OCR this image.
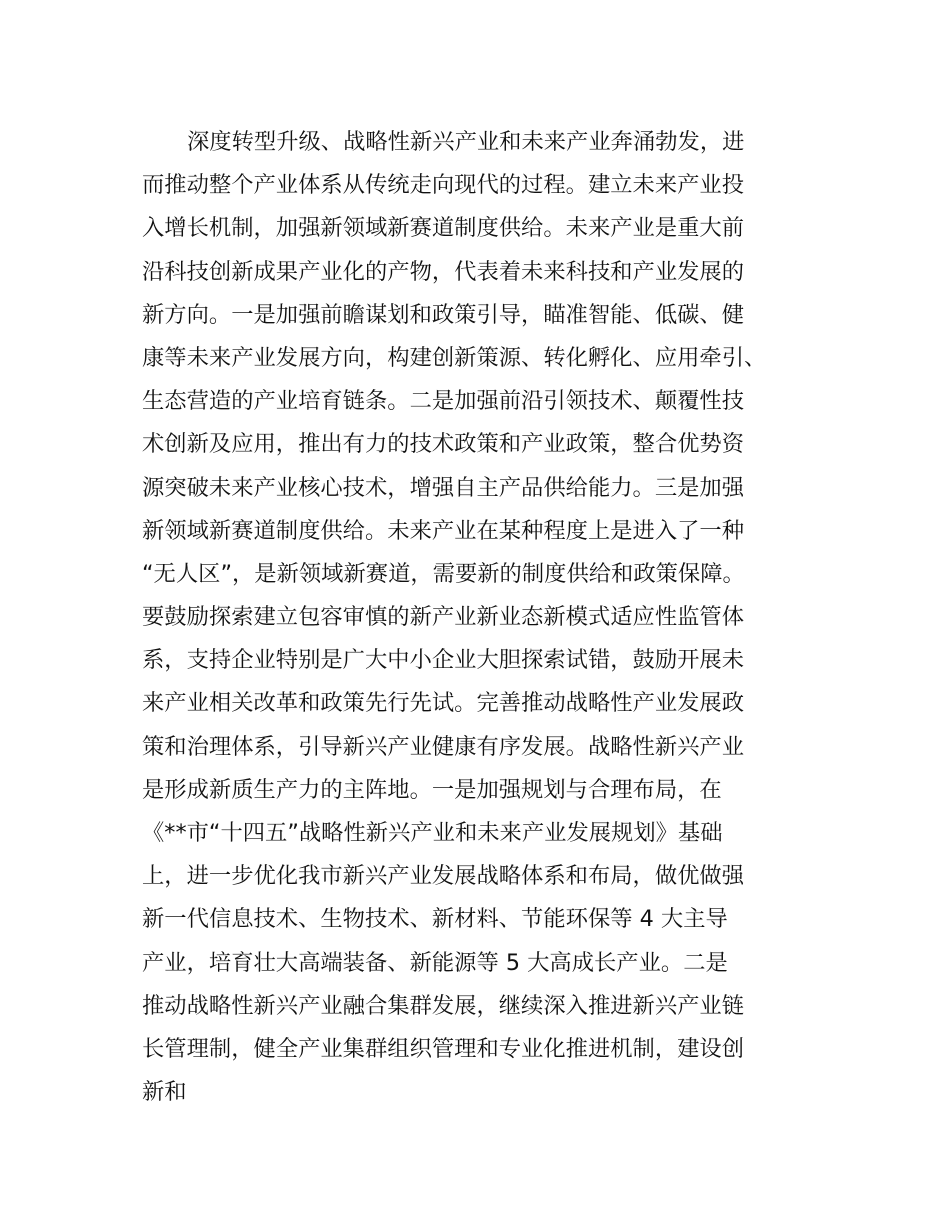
深度转型升级、战略性新兴产业和未来产业奔涌勃发，进
而推动整个产业体系从传统走向现代的过程。建立未来产业投
入增长机制，加强新领域新赛道制度供给。未来产业是重大前
沿科技创新成果产业化的产物，代表着未来科技和产业发展的
新方向。一是加强前瞻谋划和政策引导，瞄准智能、低碳、健
康等未来产业发展方向，构建创新策源、转化孵化、应用牵引、
生态营造的产业培育链条。二是加强前沿引领技术、颠覆性技
术创新及应用，推出有力的技术政策和产业政策，整合优势资
源突破未来产业核心技术，增强自主产品供给能力。三是加强
新领域新赛道制度供给。未来产业在某种程度上是进入了一种
“无人区”，是新领域新赛道，需要新的制度供给和政策保障。
要鼓励探索建立包容审慎的新产业新业态新模式适应性监管体
系，支持企业特别是广大中小企业大胆探索试错，鼓励开展未
来产业相关改革和政策先行先试。完善推动战略性产业发展政
策和治理体系，引导新兴产业健康有序发展。战略性新兴产业
是形成新质生产力的主阵地。一是加强规划与合理布局，在
《**市“十四五”战略性新兴产业和未来产业发展规划》基础
上，进一步优化我市新兴产业发展战略体系和布局，做优做强
新一代信息技术、生物技术、新材料、节能环保等 4 大主导
产业，培育壮大高端装备、新能源等 5 大高成长产业。二是
推动战略性新兴产业融合集群发展，继续深入推进新兴产业链
长管理制，健全产业集群组织管理和专业化推进机制，建设创
新和
